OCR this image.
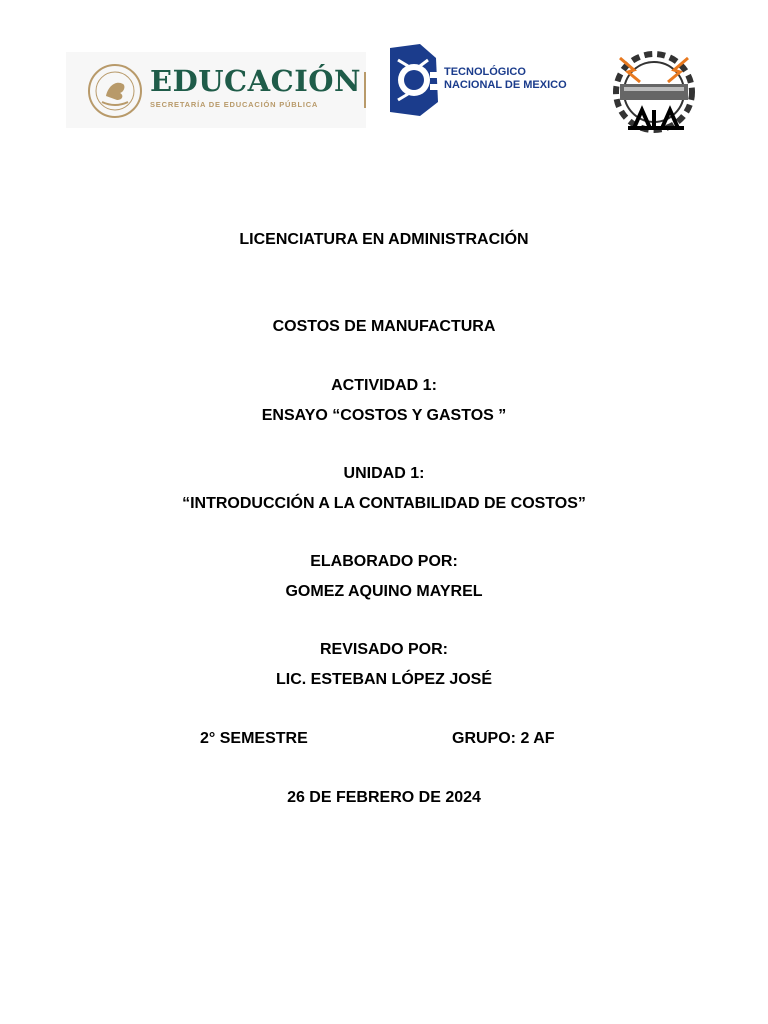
EDUCACIÓN
SECRETARÍA DE EDUCACIÓN PÚBLICA
TECNOLÓGICO
NACIONAL DE MEXICO
LICENCIATURA EN ADMINISTRACIÓN
COSTOS DE MANUFACTURA
ACTIVIDAD 1:
ENSAYO “COSTOS Y GASTOS ”
UNIDAD 1:
“INTRODUCCIÓN A LA CONTABILIDAD DE COSTOS”
ELABORADO POR:
GOMEZ AQUINO MAYREL
REVISADO POR:
LIC. ESTEBAN LÓPEZ JOSÉ
2° SEMESTRE	GRUPO: 2 AF
26 DE FEBRERO DE 2024
